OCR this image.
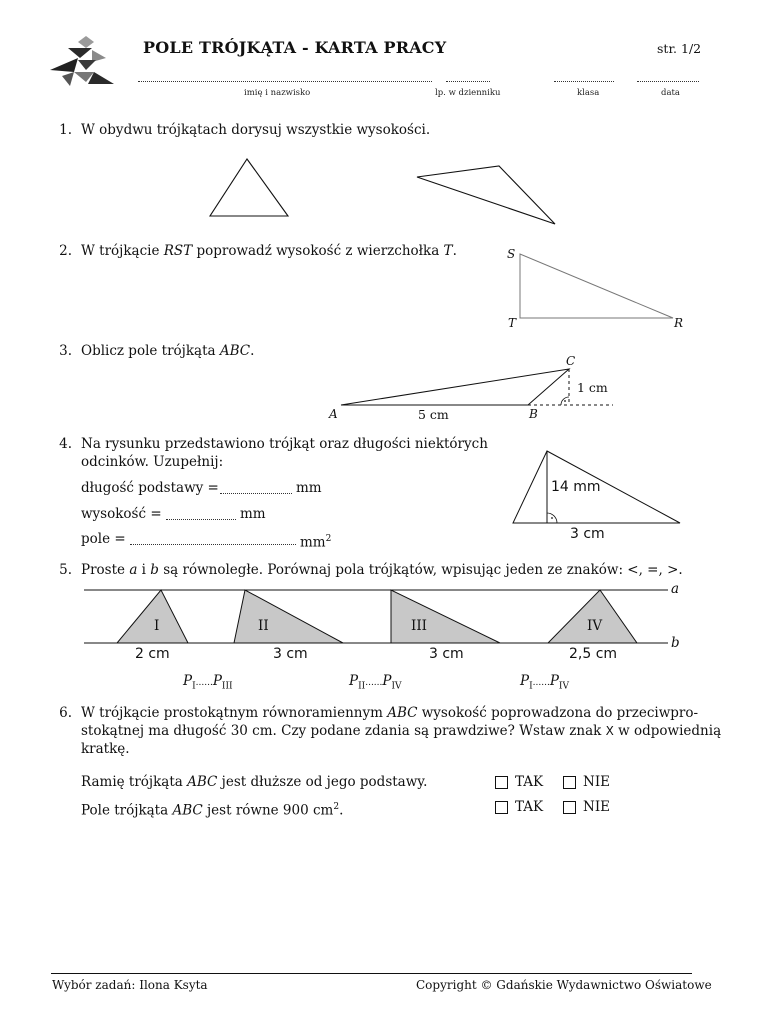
POLE TRÓJKĄTA - KARTA PRACY	str. 1/2
imię i nazwisko	lp. w dzienniku	klasa	data
1. W obydwu trójkątach dorysuj wszystkie wysokości.
2. W trójkącie RST poprowadź wysokość z wierzchołka T.	S
T	R
3. Oblicz pole trójkąta ABC.
C
1 cm
A	5 cm	B
4. Na rysunku przedstawiono trójkąt oraz długości niektórych
odcinków. Uzupełnij:
długość podstawy =	mm
wysokość =	mm
pole =	$mm^2$
14 mm
3 cm
5. Proste a i b są równoległe. Porównaj pola trójkątów, wpisując jeden ze znaków: <, =, >.
a
b
I	II	III	IV
2 cm	3 cm	3 cm	2,5 cm
$P_I......P_{III}$	$P_{II}......P_{IV}$	$P_I......P_{IV}$
6. W trójkącie prostokątnym równoramiennym ABC wysokość poprowadzona do przeciwpro-
stokątnej ma długość 30 cm. Czy podane zdania są prawdziwe? Wstaw znak X w odpowiednią
kratkę.
Ramię trójkąta ABC jest dłuższe od jego podstawy.	TAK	NIE
Pole trójkąta ABC jest równe 900 $cm^2$.	TAK	NIE
Wybór zadań: Ilona Ksyta	Copyright © Gdańskie Wydawnictwo Oświatowe
